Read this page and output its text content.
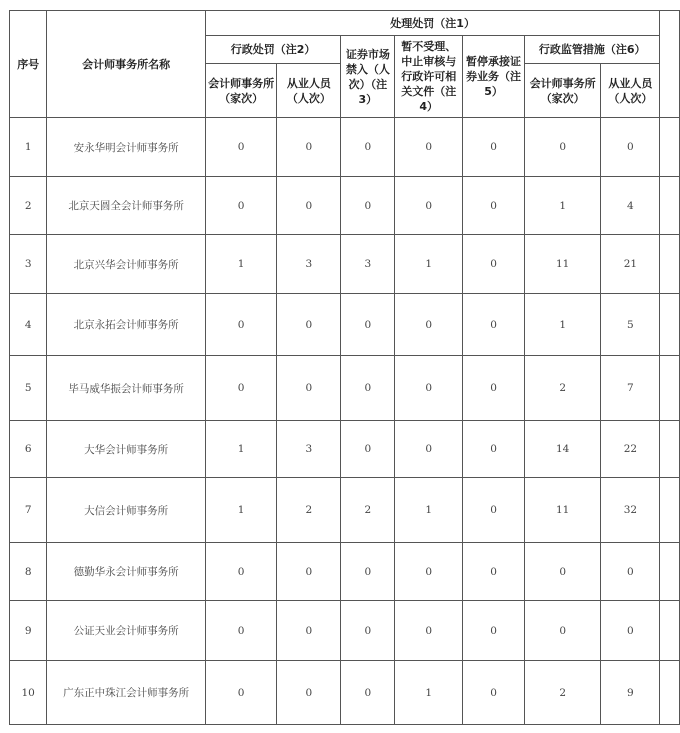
序号	会计师事务所名称	处理处罚（注1）							
		行政处罚（注2）		证券市场禁入（人次）（注3）	暂不受理、中止审核与行政许可相关文件（注4）	暂停承接证券业务（注5）	行政监管措施（注6）		
		会计师事务所（家次）	从业人员（人次）				会计师事务所（家次）	从业人员（人次）	
1	安永华明会计师事务所	0	0	0	0	0	0	0	
2	北京天圆全会计师事务所	0	0	0	0	0	1	4	
3	北京兴华会计师事务所	1	3	3	1	0	11	21	
4	北京永拓会计师事务所	0	0	0	0	0	1	5	
5	毕马威华振会计师事务所	0	0	0	0	0	2	7	
6	大华会计师事务所	1	3	0	0	0	14	22	
7	大信会计师事务所	1	2	2	1	0	11	32	
8	德勤华永会计师事务所	0	0	0	0	0	0	0	
9	公证天业会计师事务所	0	0	0	0	0	0	0	
10	广东正中珠江会计师事务所	0	0	0	1	0	2	9	
